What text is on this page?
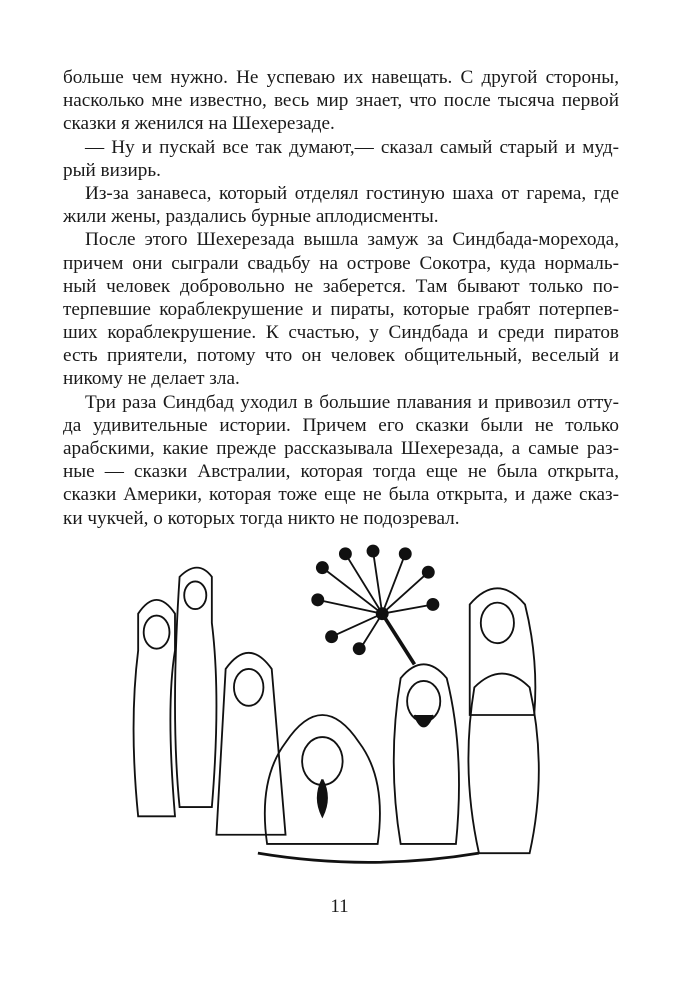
больше чем нужно. Не успеваю их навещать. С другой стороны,
насколько мне известно, весь мир знает, что после тысяча первой
сказки я женился на Шехерезаде.
— Ну и пускай все так думают,— сказал самый старый и муд-
рый визирь.
Из-за занавеса, который отделял гостиную шаха от гарема, где
жили жены, раздались бурные аплодисменты.
После этого Шехерезада вышла замуж за Синдбада-морехода,
причем они сыграли свадьбу на острове Сокотра, куда нормаль-
ный человек добровольно не заберется. Там бывают только по-
терпевшие кораблекрушение и пираты, которые грабят потерпев-
ших кораблекрушение. К счастью, у Синдбада и среди пиратов
есть приятели, потому что он человек общительный, веселый и
никому не делает зла.
Три раза Синдбад уходил в большие плавания и привозил отту-
да удивительные истории. Причем его сказки были не только
арабскими, какие прежде рассказывала Шехерезада, а самые раз-
ные — сказки Австралии, которая тогда еще не была открыта,
сказки Америки, которая тоже еще не была открыта, и даже сказ-
ки чукчей, о которых тогда никто не подозревал.
11
